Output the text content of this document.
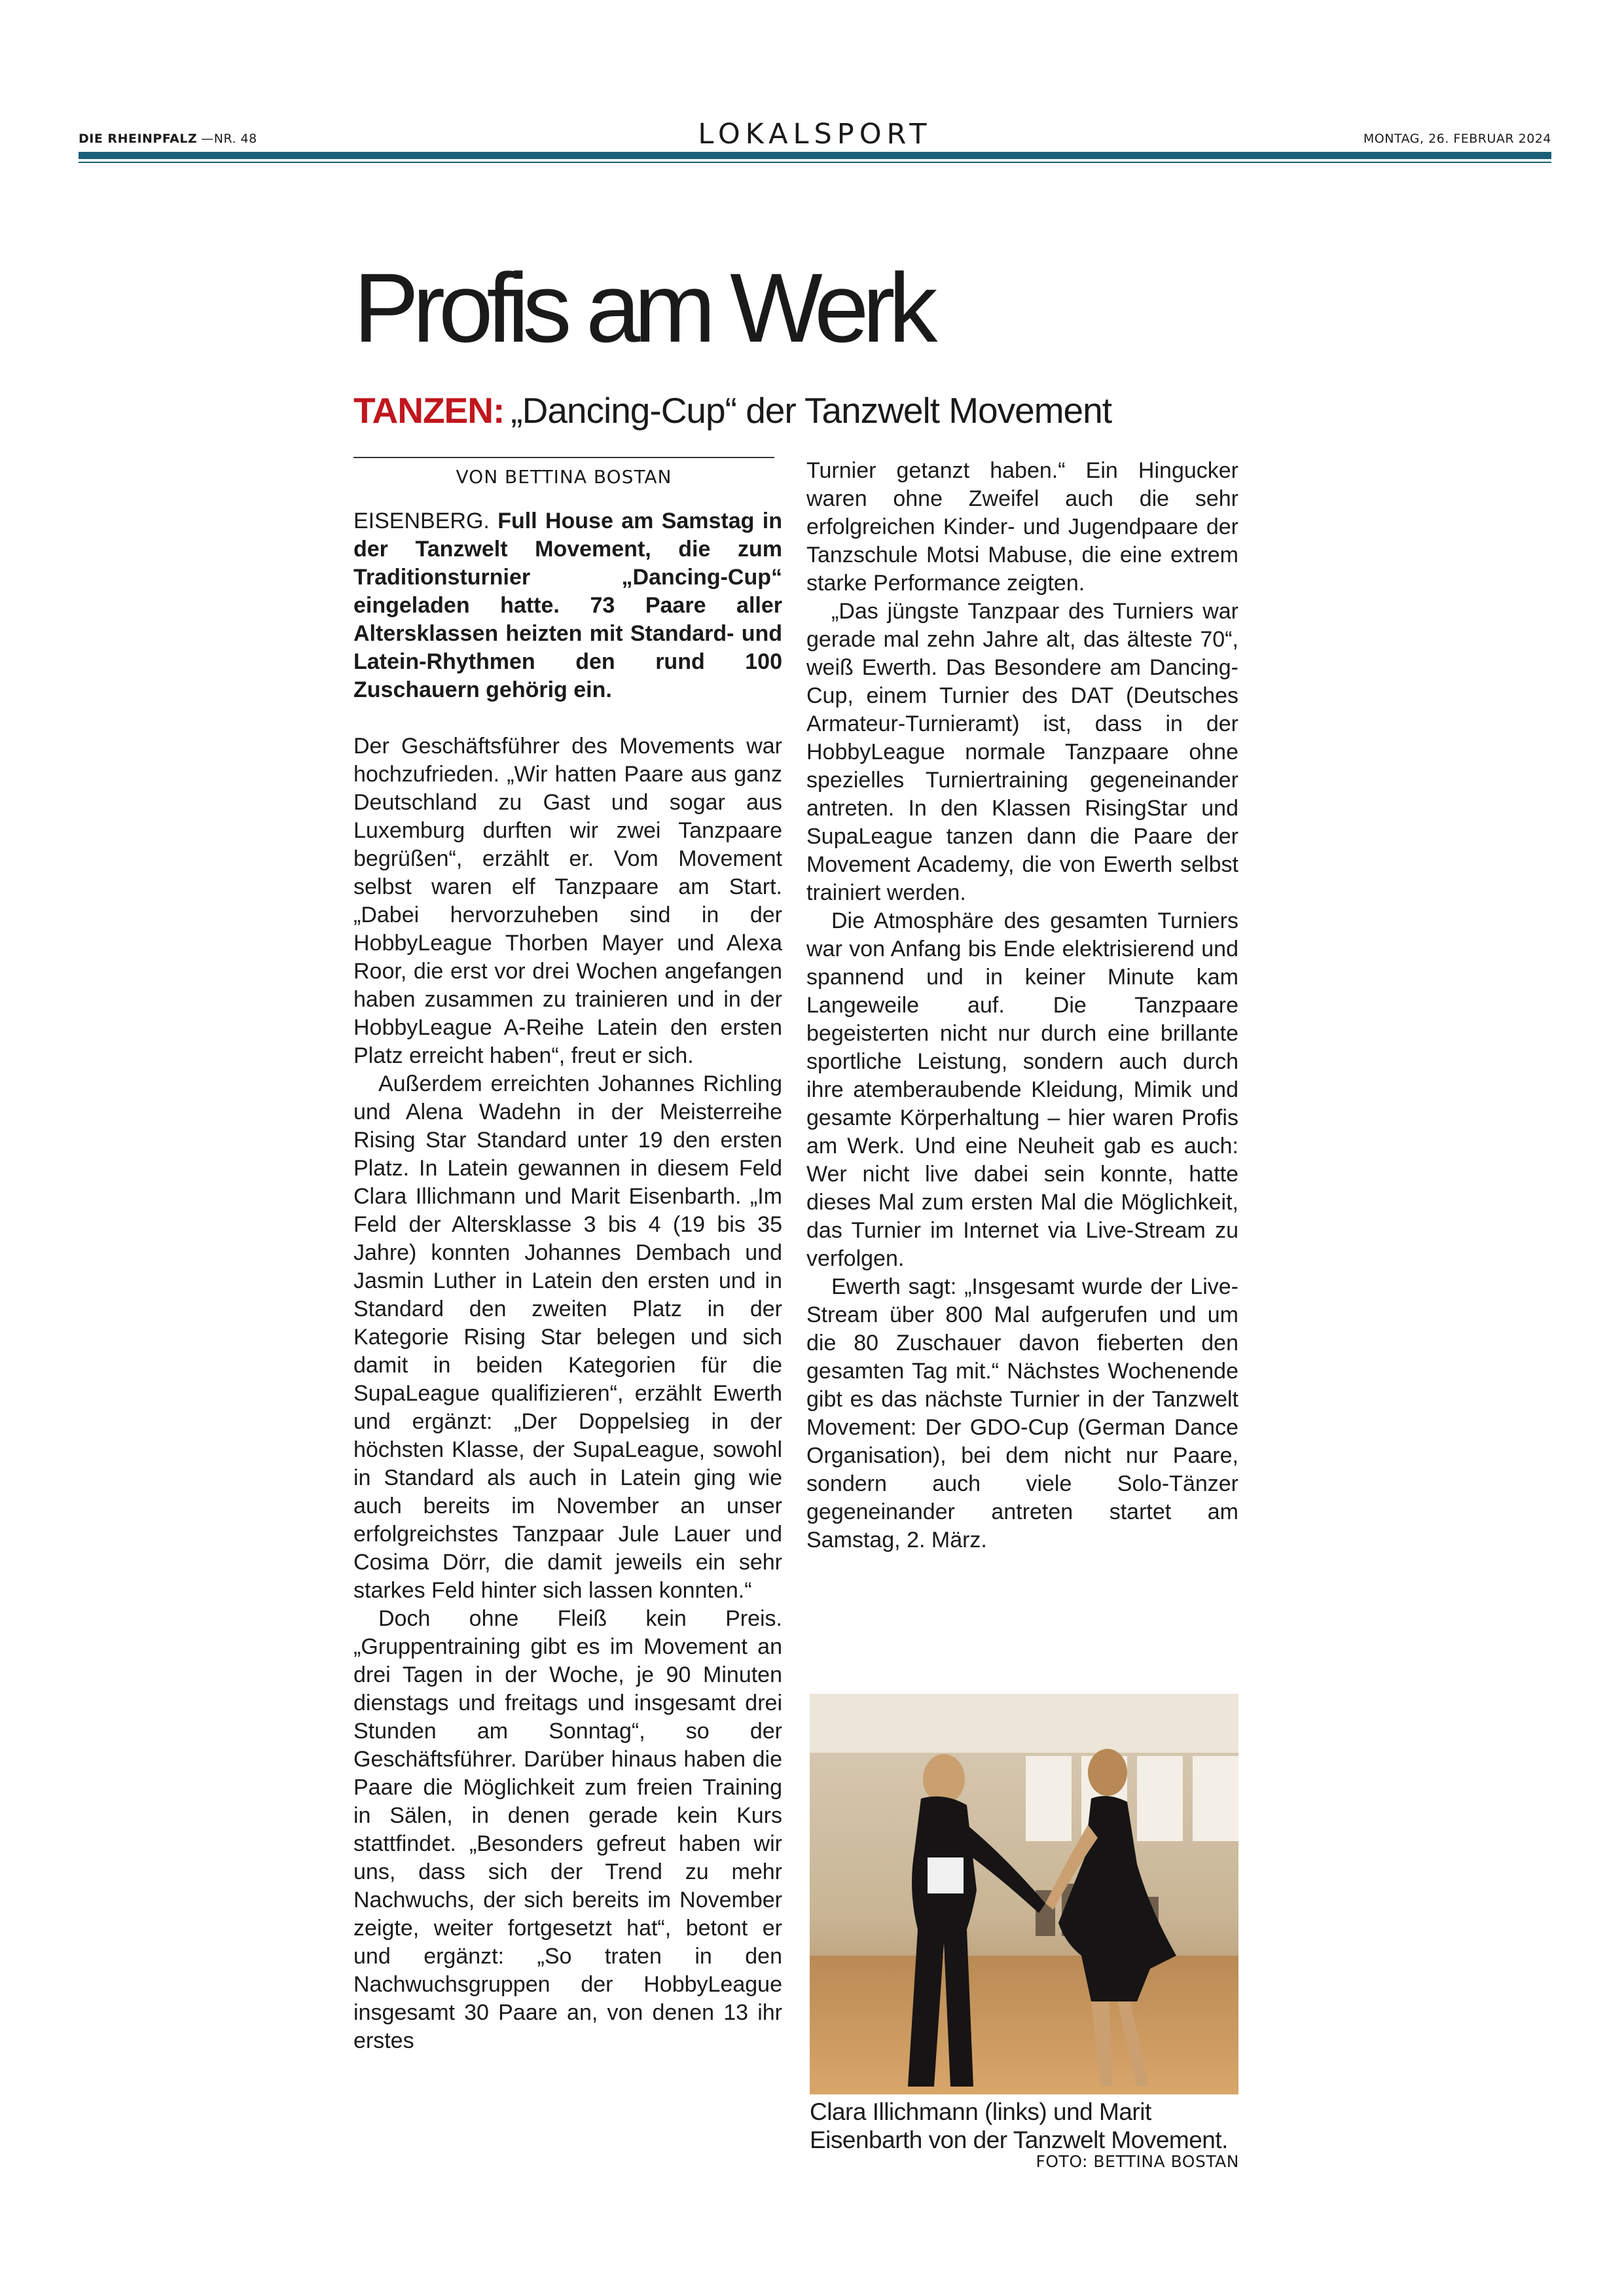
DIE RHEINPFALZ —NR. 48	LOKALSPORT	MONTAG, 26. FEBRUAR 2024
Profis am Werk
TANZEN: „Dancing-Cup“ der Tanzwelt Movement
VON BETTINA BOSTAN

EISENBERG. Full House am Samstag in der Tanzwelt Movement, die zum Traditionsturnier „Dancing-Cup“ eingeladen hatte. 73 Paare aller Altersklassen heizten mit Standard- und Latein-Rhythmen den rund 100 Zuschauern gehörig ein.

Der Geschäftsführer des Movements war hochzufrieden. „Wir hatten Paare aus ganz Deutschland zu Gast und sogar aus Luxemburg durften wir zwei Tanzpaare begrüßen“, erzählt er. Vom Movement selbst waren elf Tanzpaare am Start. „Dabei hervorzuheben sind in der HobbyLeague Thorben Mayer und Alexa Roor, die erst vor drei Wochen angefangen haben zusammen zu trainieren und in der HobbyLeague A-Reihe Latein den ersten Platz erreicht haben“, freut er sich.

Außerdem erreichten Johannes Richling und Alena Wadehn in der Meisterreihe Rising Star Standard unter 19 den ersten Platz. In Latein gewannen in diesem Feld Clara Illichmann und Marit Eisenbarth. „Im Feld der Altersklasse 3 bis 4 (19 bis 35 Jahre) konnten Johannes Dembach und Jasmin Luther in Latein den ersten und in Standard den zweiten Platz in der Kategorie Rising Star belegen und sich damit in beiden Kategorien für die SupaLeague qualifizieren“, erzählt Ewerth und ergänzt: „Der Doppelsieg in der höchsten Klasse, der SupaLeague, sowohl in Standard als auch in Latein ging wie auch bereits im November an unser erfolgreichstes Tanzpaar Jule Lauer und Cosima Dörr, die damit jeweils ein sehr starkes Feld hinter sich lassen konnten.“

Doch ohne Fleiß kein Preis. „Gruppentraining gibt es im Movement an drei Tagen in der Woche, je 90 Minuten dienstags und freitags und insgesamt drei Stunden am Sonntag“, so der Geschäftsführer. Darüber hinaus haben die Paare die Möglichkeit zum freien Training in Sälen, in denen gerade kein Kurs stattfindet. „Besonders gefreut haben wir uns, dass sich der Trend zu mehr Nachwuchs, der sich bereits im November zeigte, weiter fortgesetzt hat“, betont er und ergänzt: „So traten in den Nachwuchsgruppen der HobbyLeague insgesamt 30 Paare an, von denen 13 ihr erstes

Turnier getanzt haben.“ Ein Hingucker waren ohne Zweifel auch die sehr erfolgreichen Kinder- und Jugendpaare der Tanzschule Motsi Mabuse, die eine extrem starke Performance zeigten.

„Das jüngste Tanzpaar des Turniers war gerade mal zehn Jahre alt, das älteste 70“, weiß Ewerth. Das Besondere am Dancing-Cup, einem Turnier des DAT (Deutsches Armateur-Turnieramt) ist, dass in der HobbyLeague normale Tanzpaare ohne spezielles Turniertraining gegeneinander antreten. In den Klassen RisingStar und SupaLeague tanzen dann die Paare der Movement Academy, die von Ewerth selbst trainiert werden.

Die Atmosphäre des gesamten Turniers war von Anfang bis Ende elektrisierend und spannend und in keiner Minute kam Langeweile auf. Die Tanzpaare begeisterten nicht nur durch eine brillante sportliche Leistung, sondern auch durch ihre atemberaubende Kleidung, Mimik und gesamte Körperhaltung – hier waren Profis am Werk. Und eine Neuheit gab es auch: Wer nicht live dabei sein konnte, hatte dieses Mal zum ersten Mal die Möglichkeit, das Turnier im Internet via Live-Stream zu verfolgen.

Ewerth sagt: „Insgesamt wurde der Live-Stream über 800 Mal aufgerufen und um die 80 Zuschauer davon fieberten den gesamten Tag mit.“ Nächstes Wochenende gibt es das nächste Turnier in der Tanzwelt Movement: Der GDO-Cup (German Dance Organisation), bei dem nicht nur Paare, sondern auch viele Solo-Tänzer gegeneinander antreten startet am Samstag, 2. März.

Clara Illichmann (links) und Marit Eisenbarth von der Tanzwelt Movement.
FOTO: BETTINA BOSTAN
